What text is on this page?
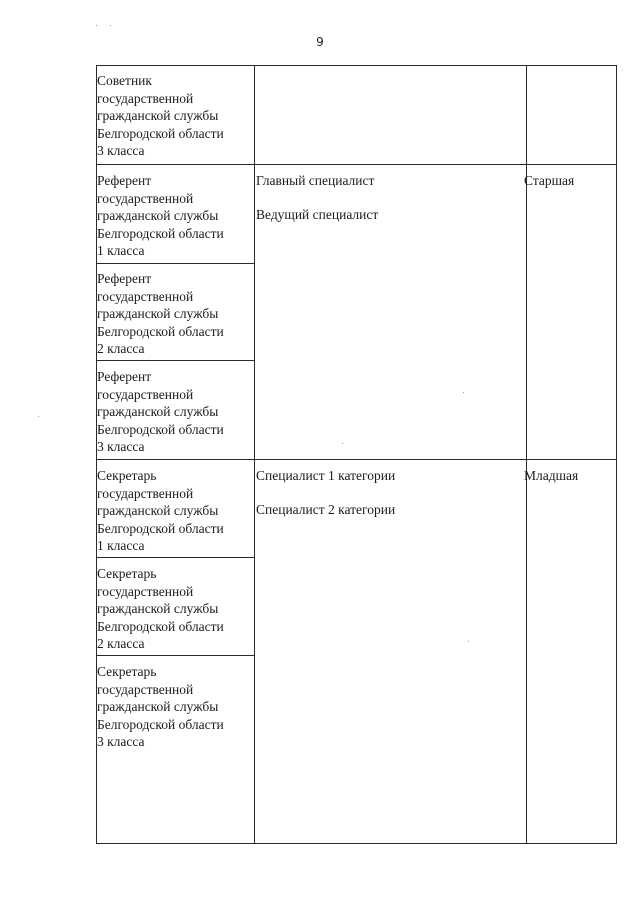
9
Советник
государственной
гражданской службы
Белгородской области
3 класса
Референт
государственной
гражданской службы
Белгородской области
1 класса
Референт
государственной
гражданской службы
Белгородской области
2 класса
Референт
государственной
гражданской службы
Белгородской области
3 класса
Секретарь
государственной
гражданской службы
Белгородской области
1 класса
Секретарь
государственной
гражданской службы
Белгородской области
2 класса
Секретарь
государственной
гражданской службы
Белгородской области
3 класса
Главный специалист
Ведущий специалист
Старшая
Специалист 1 категории
Специалист 2 категории
Младшая
